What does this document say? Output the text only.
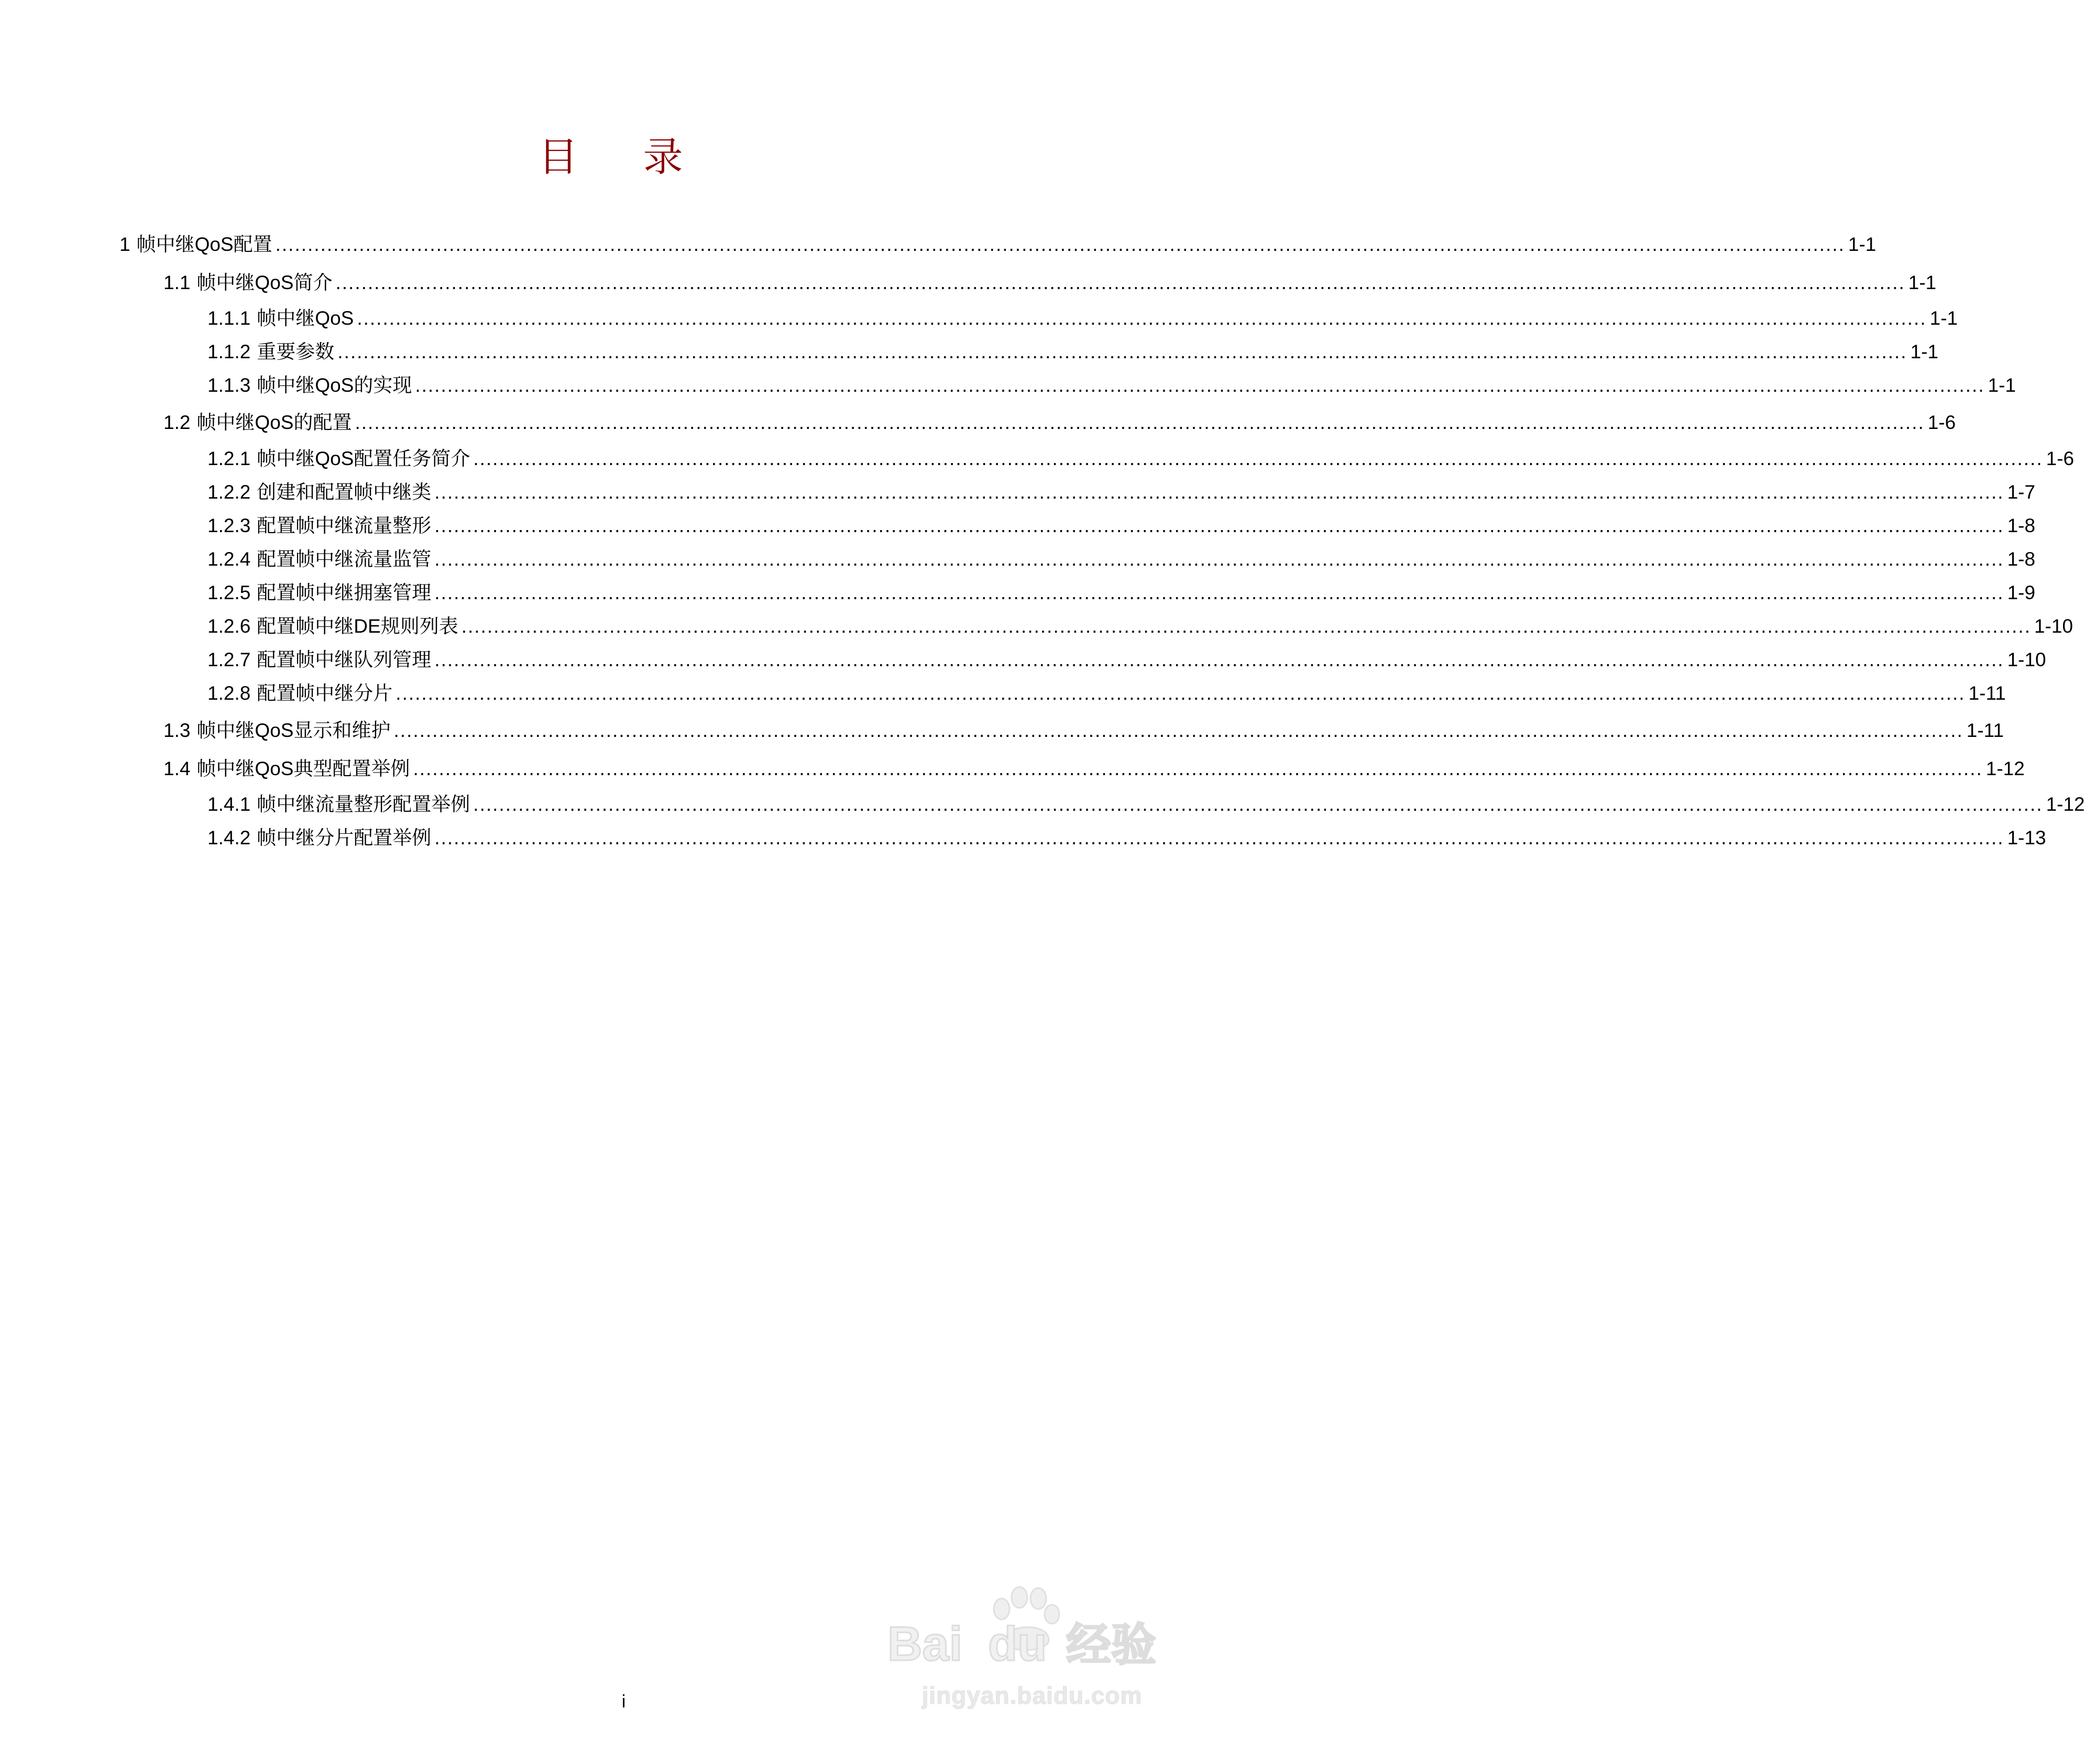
目 录
1 帧中继QoS配置 .................................................................................................................................................................................................................................................... 1-1
1.1 帧中继QoS简介 .................................................................................................................................................................................................................................................... 1-1
1.1.1 帧中继QoS .................................................................................................................................................................................................................................................... 1-1
1.1.2 重要参数 .................................................................................................................................................................................................................................................... 1-1
1.1.3 帧中继QoS的实现 .................................................................................................................................................................................................................................................... 1-1
1.2 帧中继QoS的配置 .................................................................................................................................................................................................................................................... 1-6
1.2.1 帧中继QoS配置任务简介 .................................................................................................................................................................................................................................................... 1-6
1.2.2 创建和配置帧中继类 .................................................................................................................................................................................................................................................... 1-7
1.2.3 配置帧中继流量整形 .................................................................................................................................................................................................................................................... 1-8
1.2.4 配置帧中继流量监管 .................................................................................................................................................................................................................................................... 1-8
1.2.5 配置帧中继拥塞管理 .................................................................................................................................................................................................................................................... 1-9
1.2.6 配置帧中继DE规则列表 .................................................................................................................................................................................................................................................... 1-10
1.2.7 配置帧中继队列管理 .................................................................................................................................................................................................................................................... 1-10
1.2.8 配置帧中继分片 .................................................................................................................................................................................................................................................... 1-11
1.3 帧中继QoS显示和维护 .................................................................................................................................................................................................................................................... 1-11
1.4 帧中继QoS典型配置举例 .................................................................................................................................................................................................................................................... 1-12
1.4.1 帧中继流量整形配置举例 .................................................................................................................................................................................................................................................... 1-12
1.4.2 帧中继分片配置举例 .................................................................................................................................................................................................................................................... 1-13
Bai du 经验
jingyan.baidu.com
i
